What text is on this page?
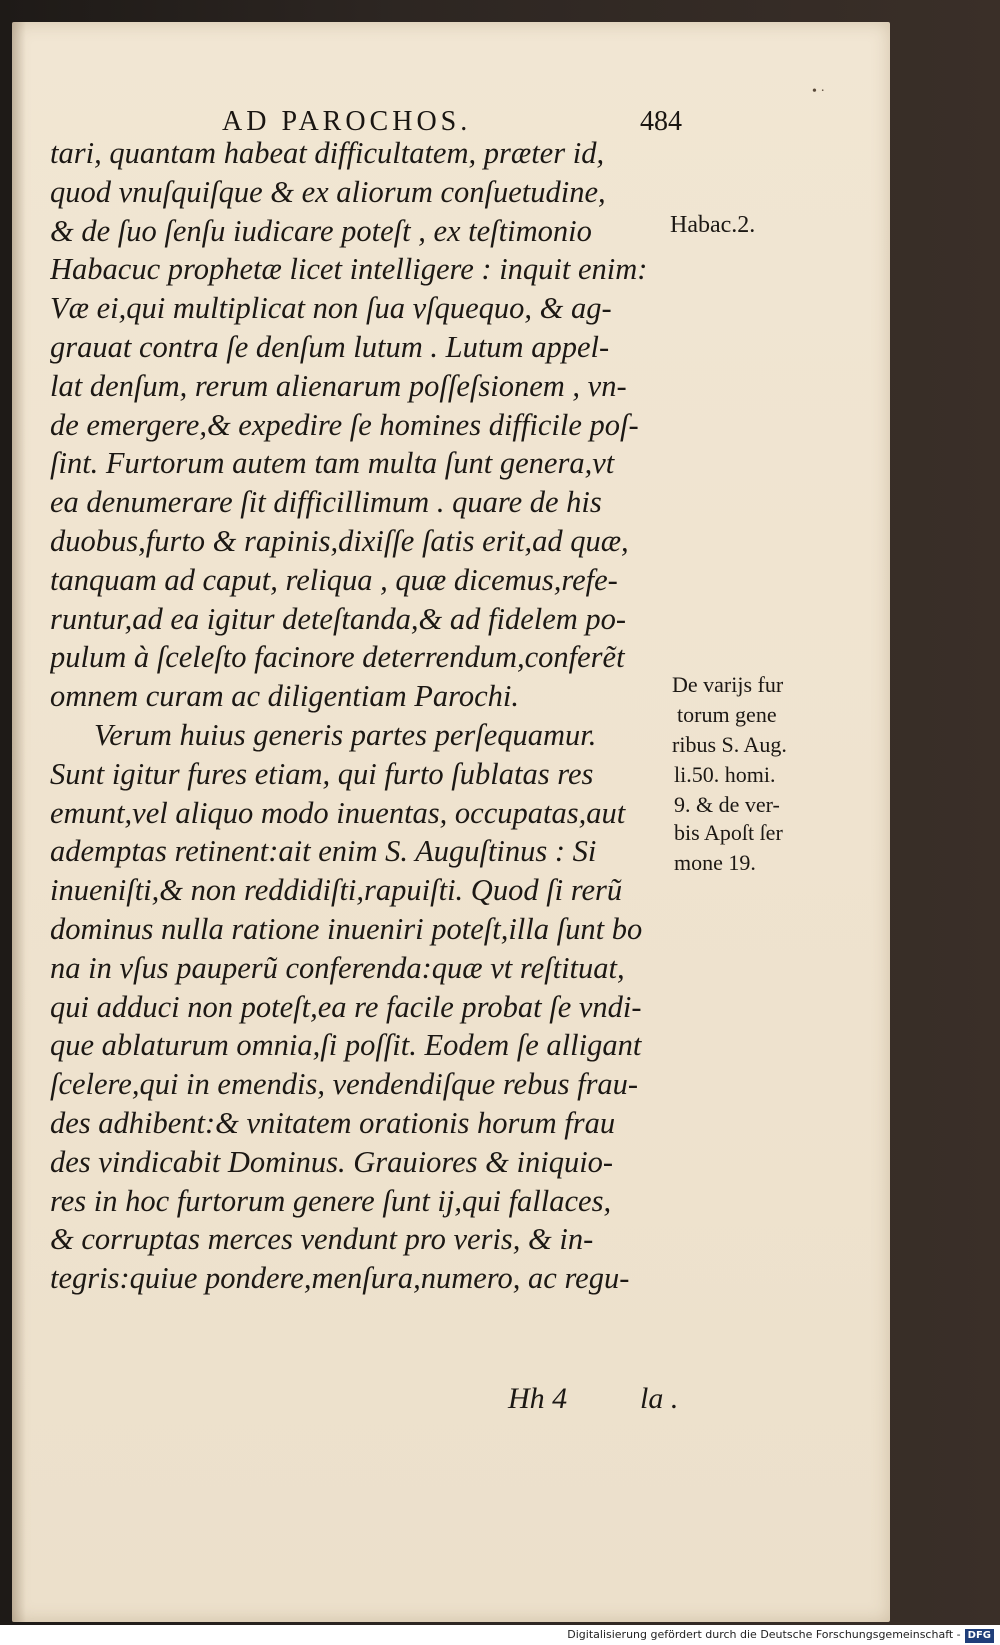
• ·
AD PAROCHOS.	484
tari, quantam habeat difficultatem, præter id,
quod vnuſquiſque & ex aliorum conſuetudine,
& de ſuo ſenſu iudicare poteſt , ex teſtimonio
Habacuc prophetæ licet intelligere : inquit enim:
Væ ei,qui multiplicat non ſua vſquequo, & ag-
grauat contra ſe denſum lutum . Lutum appel-
lat denſum, rerum alienarum poſſeſsionem , vn-
de emergere,& expedire ſe homines difficile poſ-
ſint. Furtorum autem tam multa ſunt genera,vt
ea denumerare ſit difficillimum . quare de his
duobus,furto & rapinis,dixiſſe ſatis erit,ad quæ,
tanquam ad caput, reliqua , quæ dicemus,refe-
runtur,ad ea igitur deteſtanda,& ad fidelem po-
pulum à ſceleſto facinore deterrendum,conferẽt
omnem curam ac diligentiam Parochi.
Verum huius generis partes perſequamur.
Sunt igitur fures etiam, qui furto ſublatas res
emunt,vel aliquo modo inuentas, occupatas,aut
ademptas retinent:ait enim S. Auguſtinus : Si
inueniſti,& non reddidiſti,rapuiſti. Quod ſi rerũ
dominus nulla ratione inueniri poteſt,illa ſunt bo
na in vſus pauperũ conferenda:quæ vt reſtituat,
qui adduci non poteſt,ea re facile probat ſe vndi-
que ablaturum omnia,ſi poſſit. Eodem ſe alligant
ſcelere,qui in emendis, vendendiſque rebus frau-
des adhibent:& vnitatem orationis horum frau
des vindicabit Dominus. Grauiores & iniquio-
res in hoc furtorum genere ſunt ij,qui fallaces,
& corruptas merces vendunt pro veris, & in-
tegris:quiue pondere,menſura,numero, ac regu-
Habac.2.
De varijs fur
torum gene
ribus S. Aug.
li.50. homi.
9. & de ver-
bis Apoſt ſer
mone 19.
Hh 4 la .
Digitalisierung gefördert durch die Deutsche Forschungsgemeinschaft - DFG
